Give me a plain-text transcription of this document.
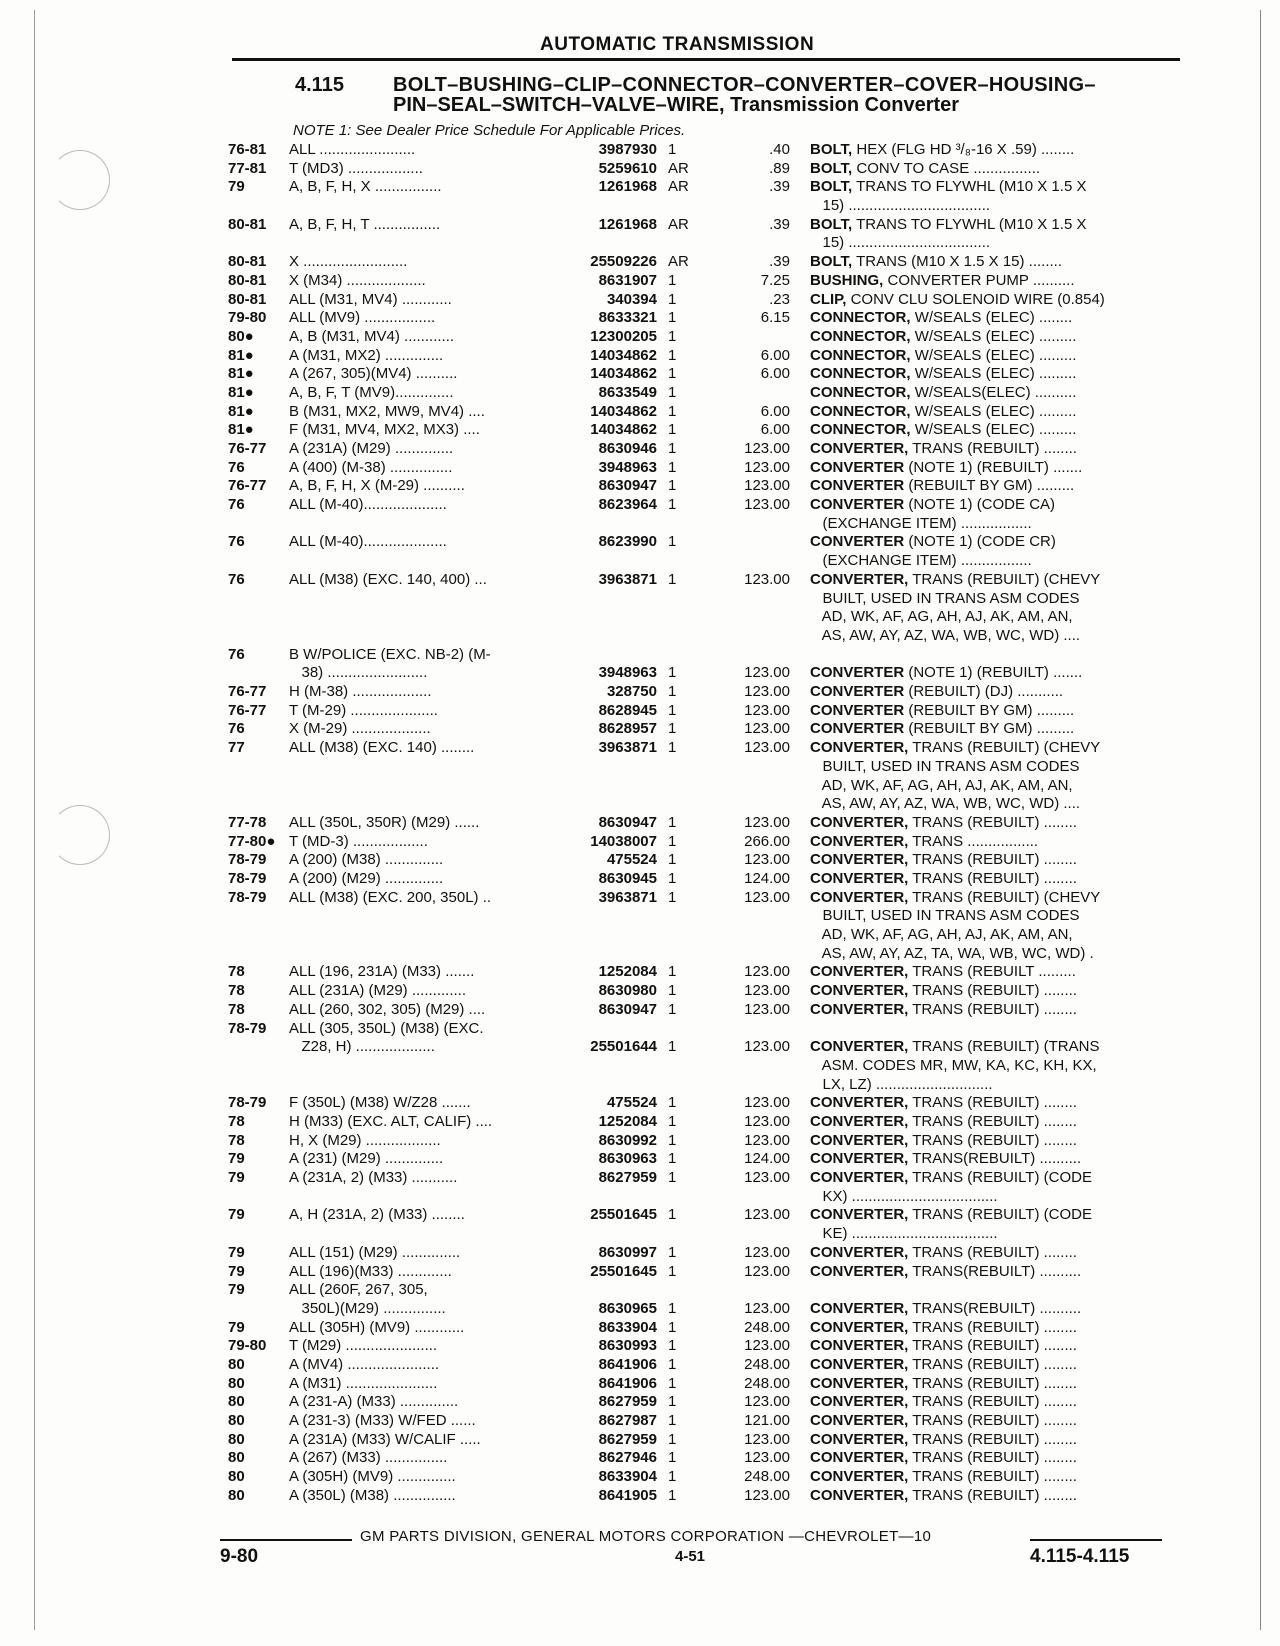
AUTOMATIC TRANSMISSION
4.115 BOLT–BUSHING–CLIP–CONNECTOR–CONVERTER–COVER–HOUSING–
PIN–SEAL–SWITCH–VALVE–WIRE, Transmission Converter
NOTE 1: See Dealer Price Schedule For Applicable Prices.
76-81	ALL .......................	3987930 1	.40 BOLT, HEX (FLG HD ³/₈-16 X .59) ........
77-81	T (MD3) ..................	5259610 AR	.89 BOLT, CONV TO CASE ................
79	A, B, F, H, X ................	1261968 AR	.39 BOLT, TRANS TO FLYWHL (M10 X 1.5 X
15) ..................................
80-81	A, B, F, H, T ................	1261968 AR	.39 BOLT, TRANS TO FLYWHL (M10 X 1.5 X
15) ..................................
80-81	X .........................	25509226 AR	.39 BOLT, TRANS (M10 X 1.5 X 15) ........
80-81	X (M34) ...................	8631907 1	7.25 BUSHING, CONVERTER PUMP ..........
80-81	ALL (M31, MV4) ............	340394 1	.23 CLIP, CONV CLU SOLENOID WIRE (0.854)
79-80	ALL (MV9) .................	8633321 1	6.15 CONNECTOR, W/SEALS (ELEC) ........
80●	A, B (M31, MV4) ............	12300205 1	CONNECTOR, W/SEALS (ELEC) .........
81●	A (M31, MX2) ..............	14034862 1	6.00 CONNECTOR, W/SEALS (ELEC) .........
81●	A (267, 305)(MV4) ..........	14034862 1	6.00 CONNECTOR, W/SEALS (ELEC) .........
81●	A, B, F, T (MV9)..............	8633549 1	CONNECTOR, W/SEALS(ELEC) ..........
81●	B (M31, MX2, MW9, MV4) ....	14034862 1	6.00 CONNECTOR, W/SEALS (ELEC) .........
81●	F (M31, MV4, MX2, MX3) ....	14034862 1	6.00 CONNECTOR, W/SEALS (ELEC) .........
76-77	A (231A) (M29) ..............	8630946 1	123.00 CONVERTER, TRANS (REBUILT) ........
76	A (400) (M-38) ...............	3948963 1	123.00 CONVERTER (NOTE 1) (REBUILT) .......
76-77	A, B, F, H, X (M-29) ..........	8630947 1	123.00 CONVERTER (REBUILT BY GM) .........
76	ALL (M-40)....................	8623964 1	123.00 CONVERTER (NOTE 1) (CODE CA)
(EXCHANGE ITEM) .................
76	ALL (M-40)....................	8623990 1	CONVERTER (NOTE 1) (CODE CR)
(EXCHANGE ITEM) .................
76	ALL (M38) (EXC. 140, 400) ...	3963871 1	123.00 CONVERTER, TRANS (REBUILT) (CHEVY
BUILT, USED IN TRANS ASM CODES
AD, WK, AF, AG, AH, AJ, AK, AM, AN,
AS, AW, AY, AZ, WA, WB, WC, WD) ....
76	B W/POLICE (EXC. NB-2) (M-
38) ........................	3948963 1	123.00 CONVERTER (NOTE 1) (REBUILT) .......
76-77	H (M-38) ...................	328750 1	123.00 CONVERTER (REBUILT) (DJ) ...........
76-77	T (M-29) .....................	8628945 1	123.00 CONVERTER (REBUILT BY GM) .........
76	X (M-29) ...................	8628957 1	123.00 CONVERTER (REBUILT BY GM) .........
77	ALL (M38) (EXC. 140) ........	3963871 1	123.00 CONVERTER, TRANS (REBUILT) (CHEVY
BUILT, USED IN TRANS ASM CODES
AD, WK, AF, AG, AH, AJ, AK, AM, AN,
AS, AW, AY, AZ, WA, WB, WC, WD) ....
77-78	ALL (350L, 350R) (M29) ......	8630947 1	123.00 CONVERTER, TRANS (REBUILT) ........
77-80● T (MD-3) ..................	14038007 1	266.00 CONVERTER, TRANS .................
78-79	A (200) (M38) ..............	475524 1	123.00 CONVERTER, TRANS (REBUILT) ........
78-79	A (200) (M29) ..............	8630945 1	124.00 CONVERTER, TRANS (REBUILT) ........
78-79	ALL (M38) (EXC. 200, 350L) ..	3963871 1	123.00 CONVERTER, TRANS (REBUILT) (CHEVY
BUILT, USED IN TRANS ASM CODES
AD, WK, AF, AG, AH, AJ, AK, AM, AN,
AS, AW, AY, AZ, TA, WA, WB, WC, WD) .
78	ALL (196, 231A) (M33) .......	1252084 1	123.00 CONVERTER, TRANS (REBUILT .........
78	ALL (231A) (M29) .............	8630980 1	123.00 CONVERTER, TRANS (REBUILT) ........
78	ALL (260, 302, 305) (M29) ....	8630947 1	123.00 CONVERTER, TRANS (REBUILT) ........
78-79	ALL (305, 350L) (M38) (EXC.
Z28, H) ...................	25501644 1	123.00 CONVERTER, TRANS (REBUILT) (TRANS
ASM. CODES MR, MW, KA, KC, KH, KX,
LX, LZ) ............................
78-79	F (350L) (M38) W/Z28 .......	475524 1	123.00 CONVERTER, TRANS (REBUILT) ........
78	H (M33) (EXC. ALT, CALIF) ....	1252084 1	123.00 CONVERTER, TRANS (REBUILT) ........
78	H, X (M29) ..................	8630992 1	123.00 CONVERTER, TRANS (REBUILT) ........
79	A (231) (M29) ..............	8630963 1	124.00 CONVERTER, TRANS(REBUILT) ..........
79	A (231A, 2) (M33) ...........	8627959 1	123.00 CONVERTER, TRANS (REBUILT) (CODE
KX) ...................................
79	A, H (231A, 2) (M33) ........	25501645 1	123.00 CONVERTER, TRANS (REBUILT) (CODE
KE) ...................................
79	ALL (151) (M29) ..............	8630997 1	123.00 CONVERTER, TRANS (REBUILT) ........
79	ALL (196)(M33) .............	25501645 1	123.00 CONVERTER, TRANS(REBUILT) ..........
79	ALL (260F, 267, 305,
350L)(M29) ...............	8630965 1	123.00 CONVERTER, TRANS(REBUILT) ..........
79	ALL (305H) (MV9) ............	8633904 1	248.00 CONVERTER, TRANS (REBUILT) ........
79-80	T (M29) ......................	8630993 1	123.00 CONVERTER, TRANS (REBUILT) ........
80	A (MV4) ......................	8641906 1	248.00 CONVERTER, TRANS (REBUILT) ........
80	A (M31) ......................	8641906 1	248.00 CONVERTER, TRANS (REBUILT) ........
80	A (231-A) (M33) ..............	8627959 1	123.00 CONVERTER, TRANS (REBUILT) ........
80	A (231-3) (M33) W/FED ......	8627987 1	121.00 CONVERTER, TRANS (REBUILT) ........
80	A (231A) (M33) W/CALIF .....	8627959 1	123.00 CONVERTER, TRANS (REBUILT) ........
80	A (267) (M33) ...............	8627946 1	123.00 CONVERTER, TRANS (REBUILT) ........
80	A (305H) (MV9) ..............	8633904 1	248.00 CONVERTER, TRANS (REBUILT) ........
80	A (350L) (M38) ...............	8641905 1	123.00 CONVERTER, TRANS (REBUILT) ........
GM PARTS DIVISION, GENERAL MOTORS CORPORATION —CHEVROLET—10
9-80	4-51	4.115-4.115
